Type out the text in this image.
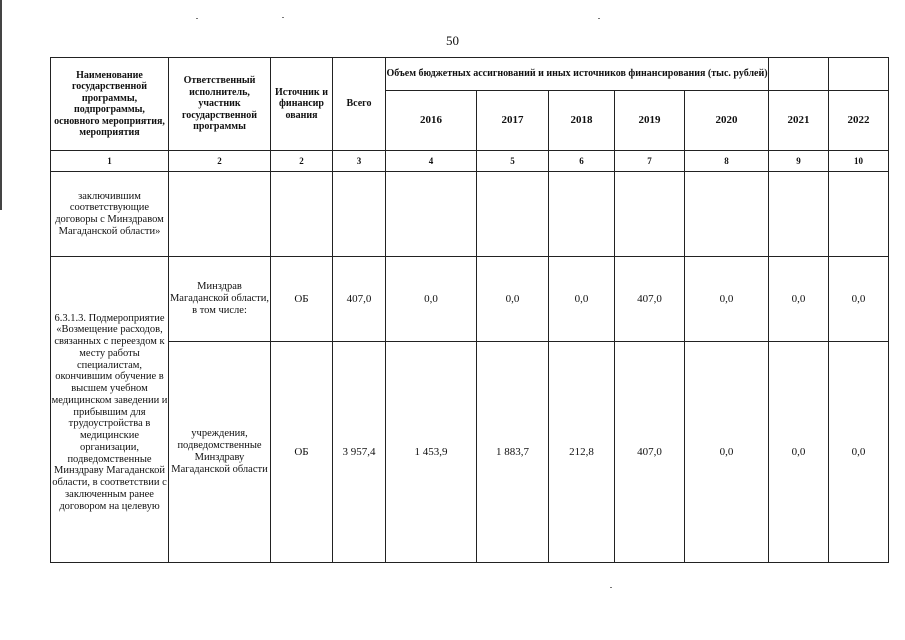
50
Наименование государственной программы, подпрограммы, основного мероприятия, мероприятия	Ответственный исполнитель, участник государственной программы	Источник и финансир ования	Всего	Объем бюджетных ассигнований и иных источников финансирования (тыс. рублей)						
				2016	2017	2018	2019	2020	2021	2022
1	2	2	3	4	5	6	7	8	9	10
заключившим соответствующие договоры с Минздравом Магаданской области»										
6.3.1.3. Подмероприятие «Возмещение расходов, связанных с переездом к месту работы специалистам, окончившим обучение в высшем учебном медицинском заведении и прибывшим для трудоустройства в медицинские организации, подведомственные Минздраву Магаданской области, в соответствии с заключенным ранее договором на целевую	Минздрав Магаданской области, в том числе:	ОБ	407,0	0,0	0,0	0,0	407,0	0,0	0,0	0,0
	учреждения, подведомственные Минздраву Магаданской области	ОБ	3 957,4	1 453,9	1 883,7	212,8	407,0	0,0	0,0	0,0
